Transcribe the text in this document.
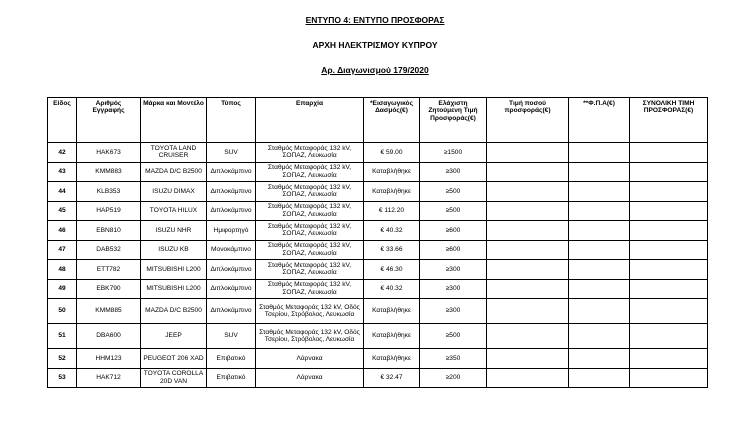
ΕΝΤΥΠΟ 4: ΕΝΤΥΠΟ ΠΡΟΣΦΟΡΑΣ
ΑΡΧΗ ΗΛΕΚΤΡΙΣΜΟΥ ΚΥΠΡΟΥ
Αρ. Διαγωνισμού 179/2020
Είδος	Αριθμός Εγγραφής	Μάρκα και Μοντέλο	Τύπος	Επαρχία	*Εισαγωγικός Δασμός(€)	Ελάχιστη Ζητούμενη Τιμή Προσφοράς(€)	Τιμή ποσού προσφοράς(€)	**Φ.Π.Α(€)	ΣΥΝΟΛΙΚΗ ΤΙΜΗ ΠΡΟΣΦΟΡΑΣ(€)
42	HAK673	TOYOTA LAND CRUISER	SUV	Σταθμός Μεταφοράς 132 kV, ΣΟΠΑΖ, Λευκωσία	€ 59.00	≥1500			
43	KMM883	MAZDA D/C B2500	Διπλοκάμπινο	Σταθμός Μεταφοράς 132 kV, ΣΟΠΑΖ, Λευκωσία	Καταβλήθηκε	≥300			
44	KLB353	ISUZU DIMAX	Διπλοκάμπινο	Σταθμός Μεταφοράς 132 kV, ΣΟΠΑΖ, Λευκωσία	Καταβλήθηκε	≥500			
45	HAP519	TOYOTA HILUX	Διπλοκάμπινο	Σταθμός Μεταφοράς 132 kV, ΣΟΠΑΖ, Λευκωσία	€ 112.20	≥500			
46	EBN810	ISUZU NHR	Ημιφορτηγό	Σταθμός Μεταφοράς 132 kV, ΣΟΠΑΖ, Λευκωσία	€ 40.32	≥600			
47	DAB532	ISUZU KB	Μονοκάμπινο	Σταθμός Μεταφοράς 132 kV, ΣΟΠΑΖ, Λευκωσία	€ 33.66	≥600			
48	ETT782	MITSUBISHI L200	Διπλοκάμπινο	Σταθμός Μεταφοράς 132 kV, ΣΟΠΑΖ, Λευκωσία	€ 46.30	≥300			
49	EBK790	MITSUBISHI L200	Διπλοκάμπινο	Σταθμός Μεταφοράς 132 kV, ΣΟΠΑΖ, Λευκωσία	€ 40.32	≥300			
50	KMM885	MAZDA D/C B2500	Διπλοκάμπινο	Σταθμός Μεταφοράς 132 kV, Οδός Τσερίου, Στρόβολος, Λευκωσία	Καταβλήθηκε	≥300			
51	DBA600	JEEP	SUV	Σταθμός Μεταφοράς 132 kV, Οδός Τσερίου, Στρόβολος, Λευκωσία	Καταβλήθηκε	≥500			
52	HHM123	PEUGEOT 206 XAD	Επιβατικό	Λάρνακα	Καταβλήθηκε	≥350			
53	HAK712	TOYOTA COROLLA 20D VAN	Επιβατικό	Λάρνακα	€ 32.47	≥200			
